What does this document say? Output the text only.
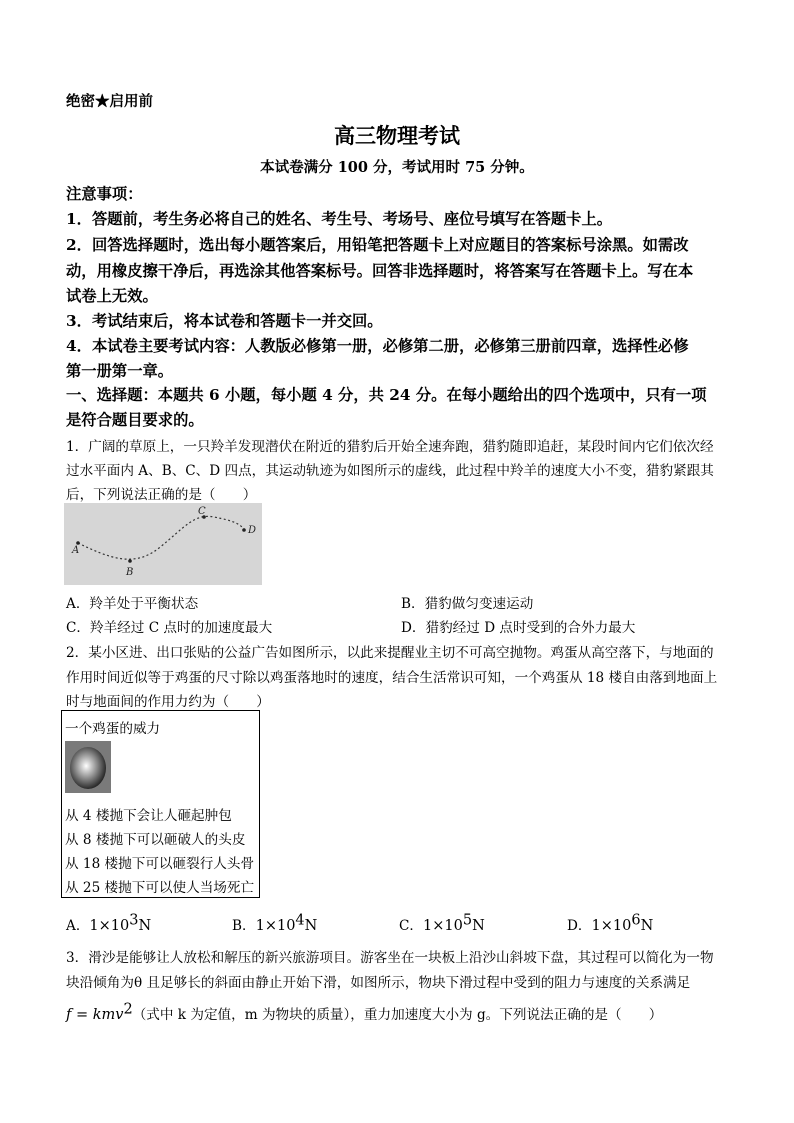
绝密★启用前
高三物理考试
本试卷满分 100 分，考试用时 75 分钟。
注意事项：
1．答题前，考生务必将自己的姓名、考生号、考场号、座位号填写在答题卡上。
2．回答选择题时，选出每小题答案后，用铅笔把答题卡上对应题目的答案标号涂黑。如需改
动，用橡皮擦干净后，再选涂其他答案标号。回答非选择题时，将答案写在答题卡上。写在本
试卷上无效。
3．考试结束后，将本试卷和答题卡一并交回。
4．本试卷主要考试内容：人教版必修第一册，必修第二册，必修第三册前四章，选择性必修
第一册第一章。
一、选择题：本题共 6 小题，每小题 4 分，共 24 分。在每小题给出的四个选项中，只有一项
是符合题目要求的。
1．广阔的草原上，一只羚羊发现潜伏在附近的猎豹后开始全速奔跑，猎豹随即追赶，某段时间内它们依次经
过水平面内 A、B、C、D 四点，其运动轨迹为如图所示的虚线，此过程中羚羊的速度大小不变，猎豹紧跟其
后，下列说法正确的是（　　）
A
B
C
D
A．羚羊处于平衡状态	B．猎豹做匀变速运动
C．羚羊经过 C 点时的加速度最大	D．猎豹经过 D 点时受到的合外力最大
2．某小区进、出口张贴的公益广告如图所示，以此来提醒业主切不可高空抛物。鸡蛋从高空落下，与地面的
作用时间近似等于鸡蛋的尺寸除以鸡蛋落地时的速度，结合生活常识可知，一个鸡蛋从 18 楼自由落到地面上
时与地面间的作用力约为（　　）
一个鸡蛋的威力
从 4 楼抛下会让人砸起肿包
从 8 楼抛下可以砸破人的头皮
从 18 楼抛下可以砸裂行人头骨
从 25 楼抛下可以使人当场死亡
A．$1\times 10^3N$	B．$1\times 10^4N$	C．$1\times 10^5N$	D．$1\times 10^6N$
3．滑沙是能够让人放松和解压的新兴旅游项目。游客坐在一块板上沿沙山斜坡下盘，其过程可以简化为一物
块沿倾角为θ 且足够长的斜面由静止开始下滑，如图所示，物块下滑过程中受到的阻力与速度的关系满足
f = kmv$^2$（式中 k 为定值，m 为物块的质量），重力加速度大小为 g。下列说法正确的是（　　）
